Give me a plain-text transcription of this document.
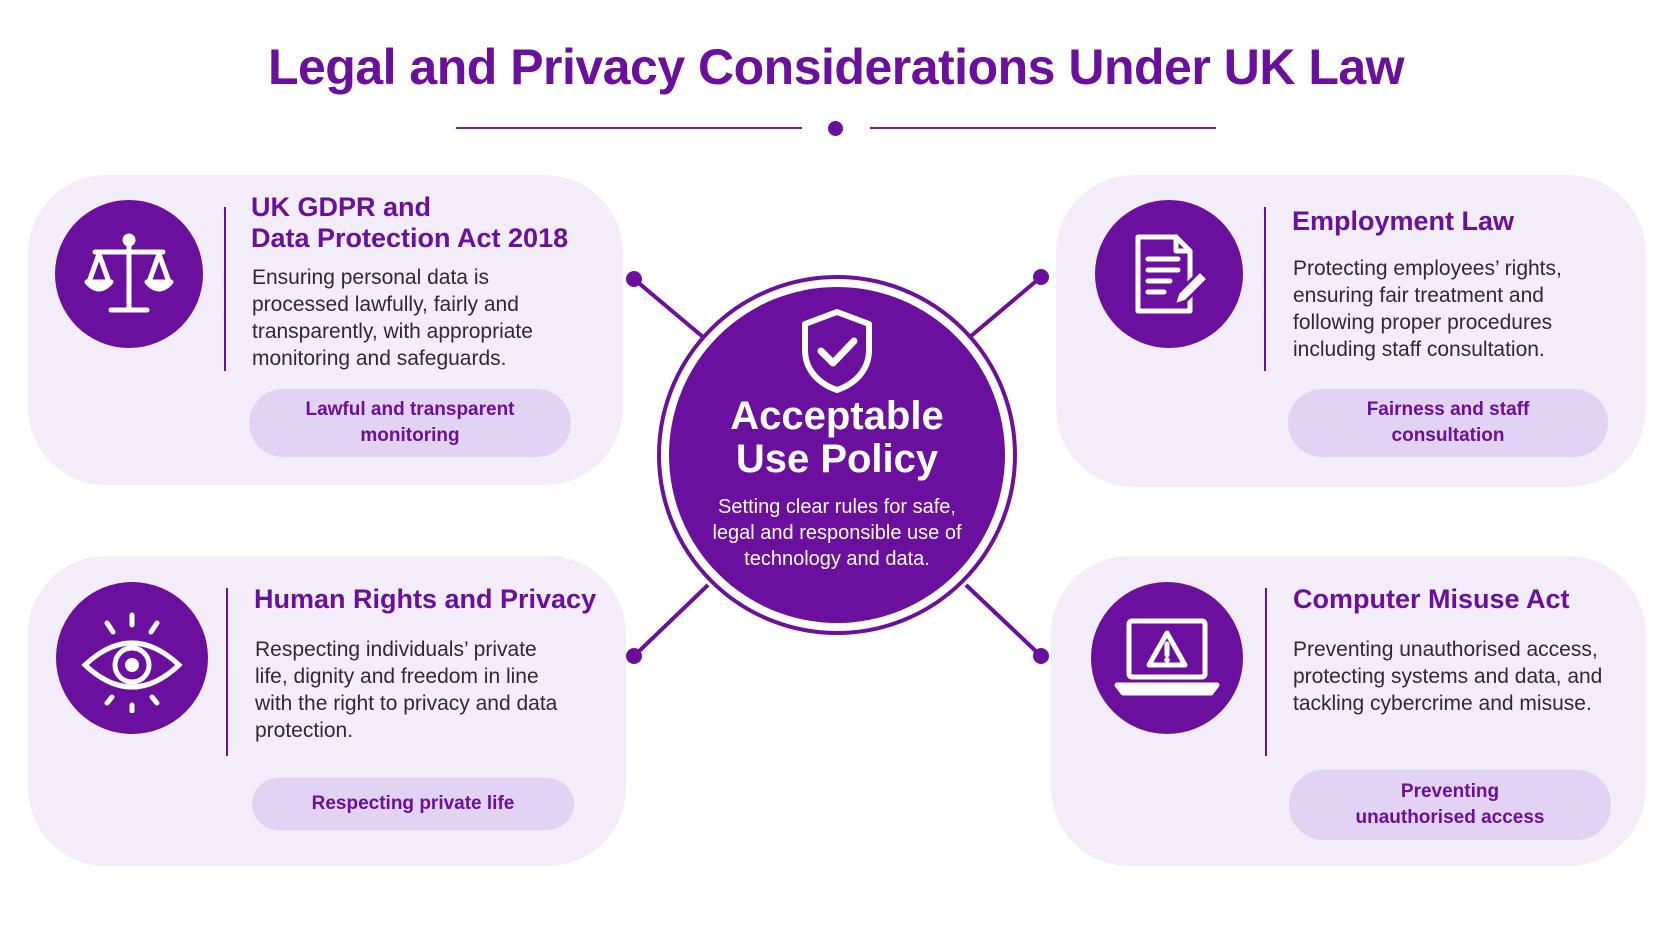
Legal and Privacy Considerations Under UK Law
UK GDPR and
Data Protection Act 2018
Ensuring personal data is processed lawfully, fairly and transparently, with appropriate monitoring and safeguards.
Lawful and transparent monitoring
Employment Law
Protecting employees’ rights, ensuring fair treatment and following proper procedures including staff consultation.
Fairness and staff consultation
Human Rights and Privacy
Respecting individuals’ private life, dignity and freedom in line with the right to privacy and data protection.
Respecting private life
Computer Misuse Act
Preventing unauthorised access, protecting systems and data, and tackling cybercrime and misuse.
Preventing unauthorised access
Acceptable
Use Policy
Setting clear rules for safe, legal and responsible use of technology and data.
